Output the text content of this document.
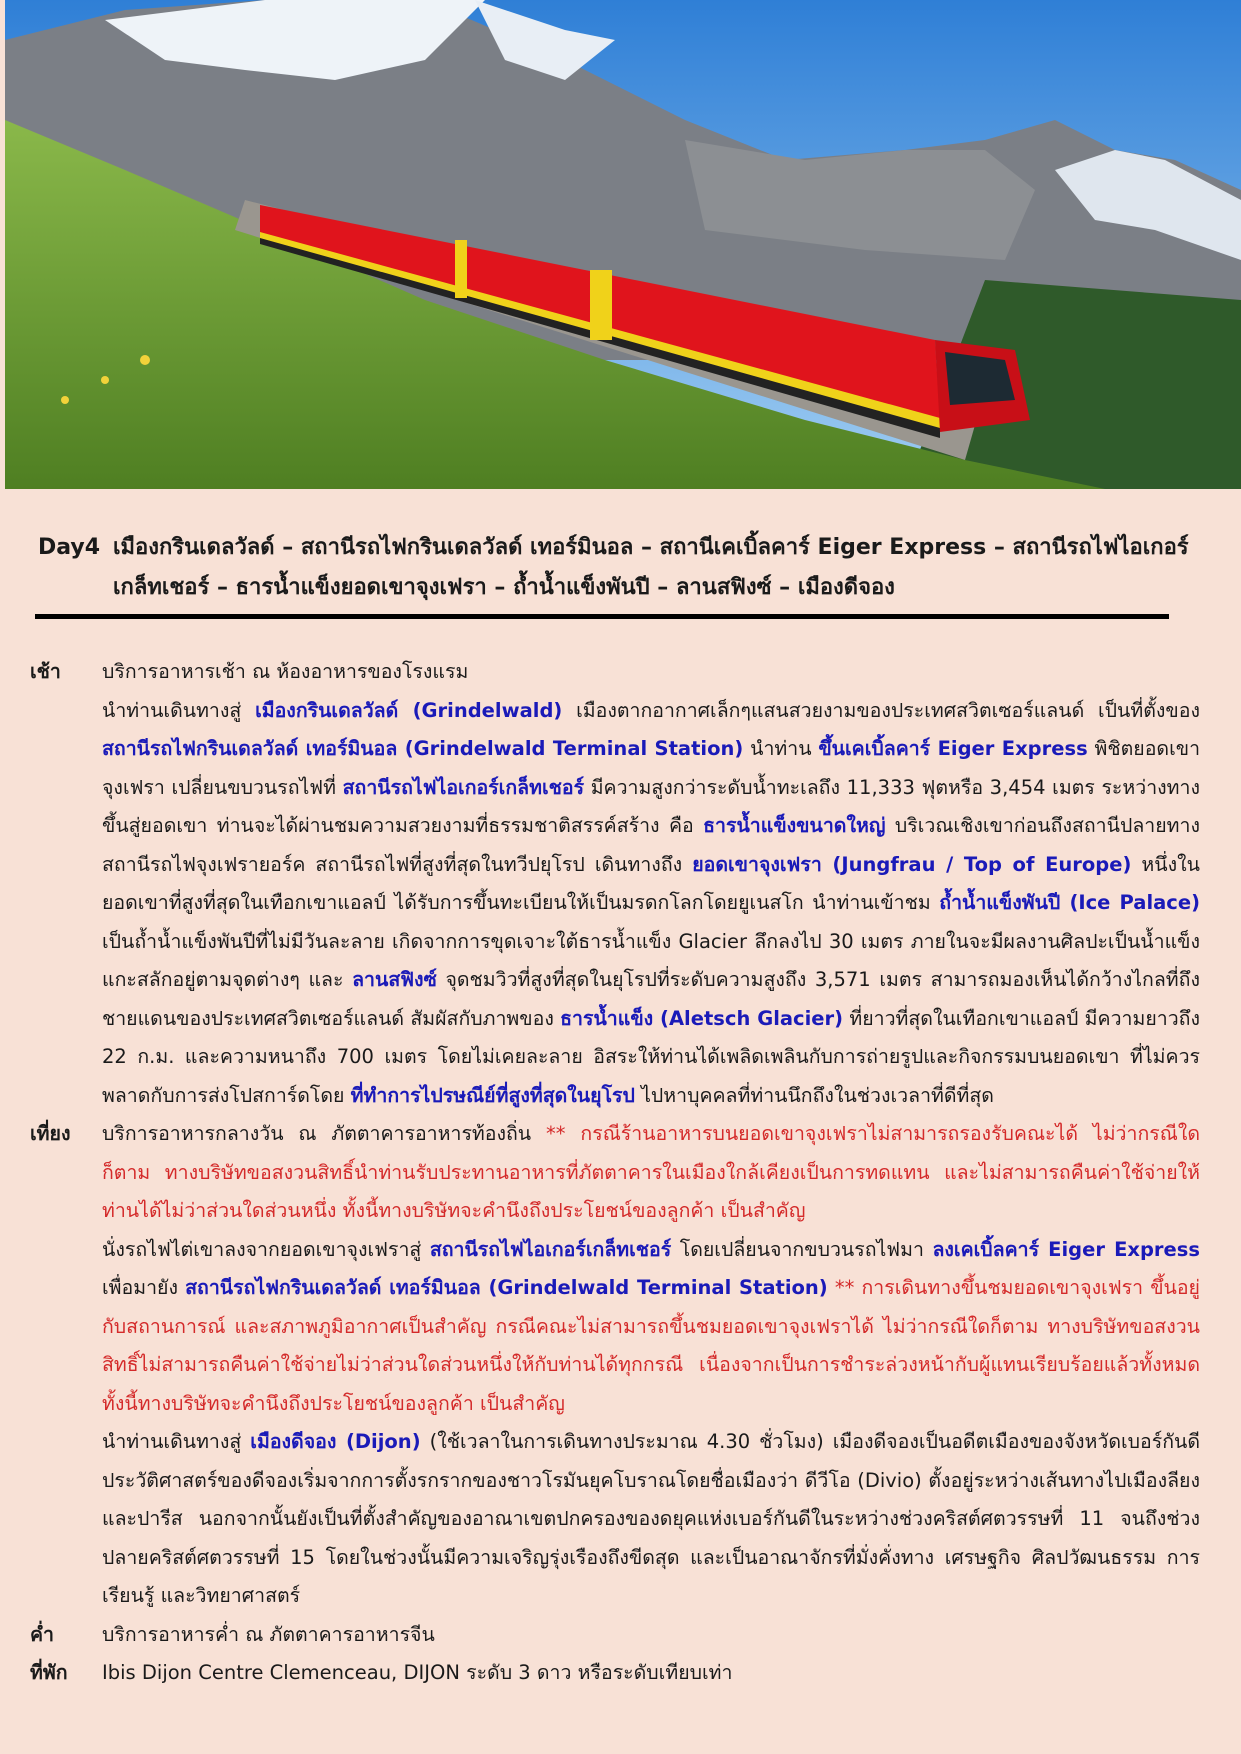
Day4 เมืองกรินเดลวัลด์ – สถานีรถไฟกรินเดลวัลด์ เทอร์มินอล – สถานีเคเบิ้ลคาร์ Eiger Express – สถานีรถไฟไอเกอร์เกล็ทเชอร์ – ธารน้ำแข็งยอดเขาจุงเฟรา – ถ้ำน้ำแข็งพันปี – ลานสฟิงซ์ – เมืองดีจอง
เช้า บริการอาหารเช้า ณ ห้องอาหารของโรงแรม
นำท่านเดินทางสู่ เมืองกรินเดลวัลด์ (Grindelwald) เมืองตากอากาศเล็กๆแสนสวยงามของประเทศสวิตเซอร์แลนด์ เป็นที่ตั้งของ สถานีรถไฟกรินเดลวัลด์ เทอร์มินอล (Grindelwald Terminal Station) นำท่าน ขึ้นเคเบิ้ลคาร์ Eiger Express พิชิตยอดเขาจุงเฟรา เปลี่ยนขบวนรถไฟที่ สถานีรถไฟไอเกอร์เกล็ทเชอร์ มีความสูงกว่าระดับน้ำทะเลถึง 11,333 ฟุตหรือ 3,454 เมตร ระหว่างทางขึ้นสู่ยอดเขา ท่านจะได้ผ่านชมความสวยงามที่ธรรมชาติสรรค์สร้าง คือ ธารน้ำแข็งขนาดใหญ่ บริเวณเชิงเขาก่อนถึงสถานีปลายทางสถานีรถไฟจุงเฟรายอร์ค สถานีรถไฟที่สูงที่สุดในทวีปยุโรป เดินทางถึง ยอดเขาจุงเฟรา (Jungfrau / Top of Europe) หนึ่งในยอดเขาที่สูงที่สุดในเทือกเขาแอลป์ ได้รับการขึ้นทะเบียนให้เป็นมรดกโลกโดยยูเนสโก นำท่านเข้าชม ถ้ำน้ำแข็งพันปี (Ice Palace) เป็นถ้ำน้ำแข็งพันปีที่ไม่มีวันละลาย เกิดจากการขุดเจาะใต้ธารน้ำแข็ง Glacier ลึกลงไป 30 เมตร ภายในจะมีผลงานศิลปะเป็นน้ำแข็งแกะสลักอยู่ตามจุดต่างๆ และ ลานสฟิงซ์ จุดชมวิวที่สูงที่สุดในยุโรปที่ระดับความสูงถึง 3,571 เมตร สามารถมองเห็นได้กว้างไกลที่ถึงชายแดนของประเทศสวิตเซอร์แลนด์ สัมผัสกับภาพของ ธารน้ำแข็ง (Aletsch Glacier) ที่ยาวที่สุดในเทือกเขาแอลป์ มีความยาวถึง 22 ก.ม. และความหนาถึง 700 เมตร โดยไม่เคยละลาย อิสระให้ท่านได้เพลิดเพลินกับการถ่ายรูปและกิจกรรมบนยอดเขา ที่ไม่ควรพลาดกับการส่งโปสการ์ดโดย ที่ทำการไปรษณีย์ที่สูงที่สุดในยุโรป ไปหาบุคคลที่ท่านนึกถึงในช่วงเวลาที่ดีที่สุด
เที่ยง บริการอาหารกลางวัน ณ ภัตตาคารอาหารท้องถิ่น ** กรณีร้านอาหารบนยอดเขาจุงเฟราไม่สามารถรองรับคณะได้ ไม่ว่ากรณีใดก็ตาม ทางบริษัทขอสงวนสิทธิ์นำท่านรับประทานอาหารที่ภัตตาคารในเมืองใกล้เคียงเป็นการทดแทน และไม่สามารถคืนค่าใช้จ่ายให้ท่านได้ไม่ว่าส่วนใดส่วนหนึ่ง ทั้งนี้ทางบริษัทจะคำนึงถึงประโยชน์ของลูกค้า เป็นสำคัญ
นั่งรถไฟไต่เขาลงจากยอดเขาจุงเฟราสู่ สถานีรถไฟไอเกอร์เกล็ทเชอร์ โดยเปลี่ยนจากขบวนรถไฟมา ลงเคเบิ้ลคาร์ Eiger Express เพื่อมายัง สถานีรถไฟกรินเดลวัลด์ เทอร์มินอล (Grindelwald Terminal Station) ** การเดินทางขึ้นชมยอดเขาจุงเฟรา ขึ้นอยู่กับสถานการณ์ และสภาพภูมิอากาศเป็นสำคัญ กรณีคณะไม่สามารถขึ้นชมยอดเขาจุงเฟราได้ ไม่ว่ากรณีใดก็ตาม ทางบริษัทขอสงวนสิทธิ์ไม่สามารถคืนค่าใช้จ่ายไม่ว่าส่วนใดส่วนหนึ่งให้กับท่านได้ทุกกรณี เนื่องจากเป็นการชำระล่วงหน้ากับผู้แทนเรียบร้อยแล้วทั้งหมด ทั้งนี้ทางบริษัทจะคำนึงถึงประโยชน์ของลูกค้า เป็นสำคัญ
นำท่านเดินทางสู่ เมืองดีจอง (Dijon) (ใช้เวลาในการเดินทางประมาณ 4.30 ชั่วโมง) เมืองดีจองเป็นอดีตเมืองของจังหวัดเบอร์กันดี ประวัติศาสตร์ของดีจองเริ่มจากการตั้งรกรากของชาวโรมันยุคโบราณโดยชื่อเมืองว่า ดีวีโอ (Divio) ตั้งอยู่ระหว่างเส้นทางไปเมืองลียง และปารีส นอกจากนั้นยังเป็นที่ตั้งสำคัญของอาณาเขตปกครองของดยุคแห่งเบอร์กันดีในระหว่างช่วงคริสต์ศตวรรษที่ 11 จนถึงช่วงปลายคริสต์ศตวรรษที่ 15 โดยในช่วงนั้นมีความเจริญรุ่งเรืองถึงขีดสุด และเป็นอาณาจักรที่มั่งคั่งทาง เศรษฐกิจ ศิลปวัฒนธรรม การเรียนรู้ และวิทยาศาสตร์
ค่ำ บริการอาหารค่ำ ณ ภัตตาคารอาหารจีน
ที่พัก Ibis Dijon Centre Clemenceau, DIJON ระดับ 3 ดาว หรือระดับเทียบเท่า
